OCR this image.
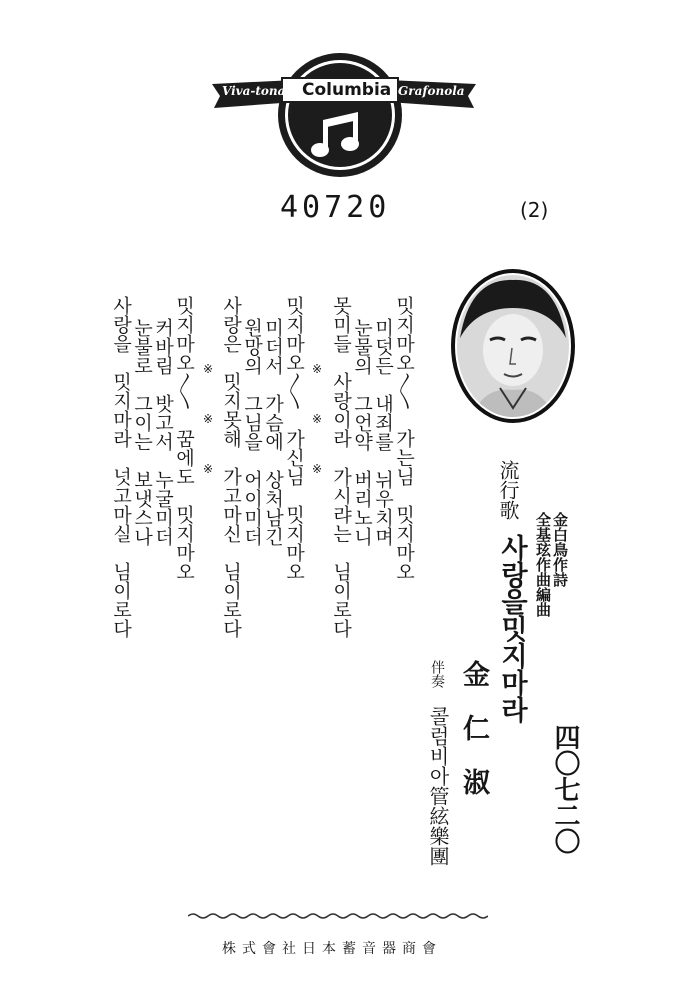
Viva-tonal Columbia Grafonola
40720	(2)
流行歌
사랑을밋지마라 金白鳥作詩
全基玹作曲編曲
金　仁　淑
伴奏
콜럼비아管絃樂團	四〇七二〇
밋지마오〳〵　가는님　밋지마오
미덧든　내죄를　뉘우치며
눈물의　그언약　버리노니
못미들　사랑이라　가시랴는　님이로다
※　　　※　　　※
밋지마오〳〵　가신님　밋지마오
미더서　가슴에　상처남긴
원망의　그님을　어이미더
사랑은　밋지못해　가고마신　님이로다
※　　　※　　　※
밋지마오〳〵　꿈에도　밋지마오
커바림　밧고서　누굴미더
눈불로　그이는　보냇스나
사랑을　밋지마라　넛고마실　님이로다
株式會社日本蓄音器商會
